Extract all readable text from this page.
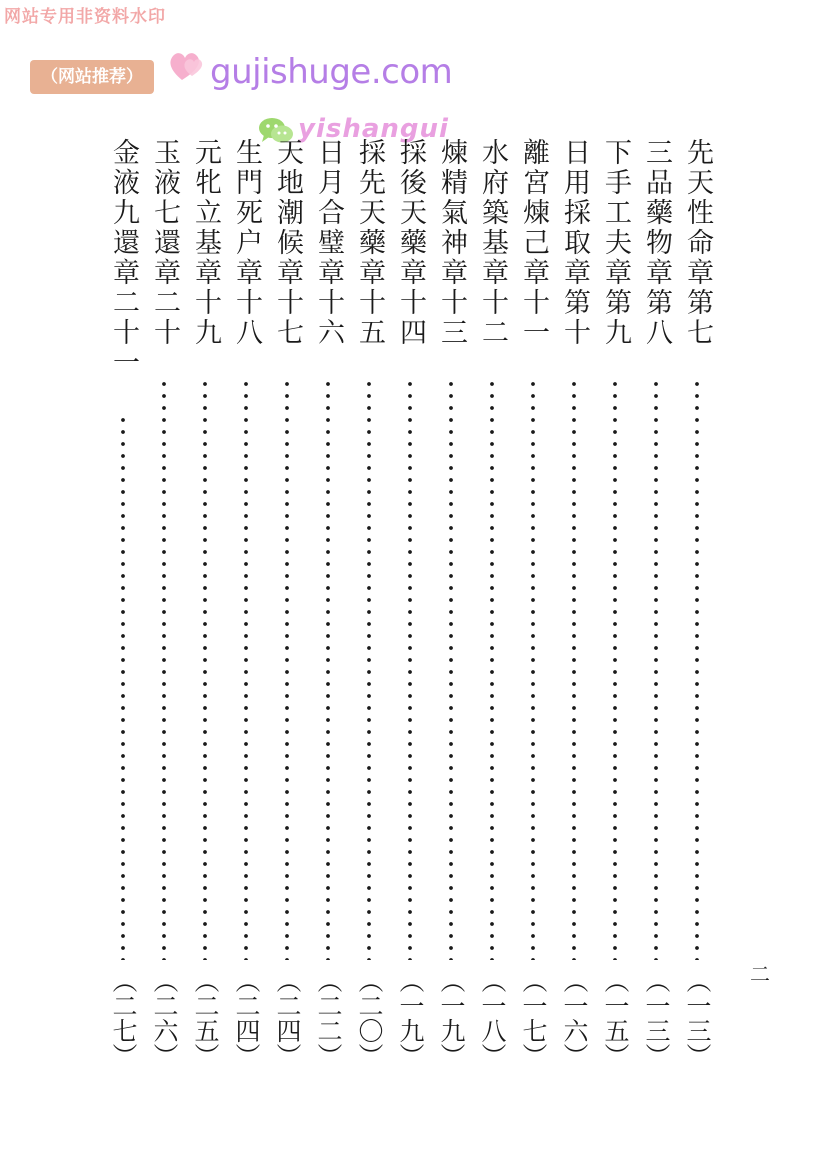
网站专用非资料水印
（网站推荐）	gujishuge.com
yishangui
先天性命章第七
（一三）
三品藥物章第八
（一三）
下手工夫章第九
（一五）
日用採取章第十
（一六）
離宮煉己章十一
（一七）
水府築基章十二
（一八）
煉精氣神章十三
（一九）
採後天藥章十四
（一九）
採先天藥章十五
（二〇）
日月合璧章十六
（二二）
天地潮候章十七
（二四）
生門死户章十八
（二四）
元牝立基章十九
（二五）
玉液七還章二十
（二六）
金液九還章二十一
（二七）	二
